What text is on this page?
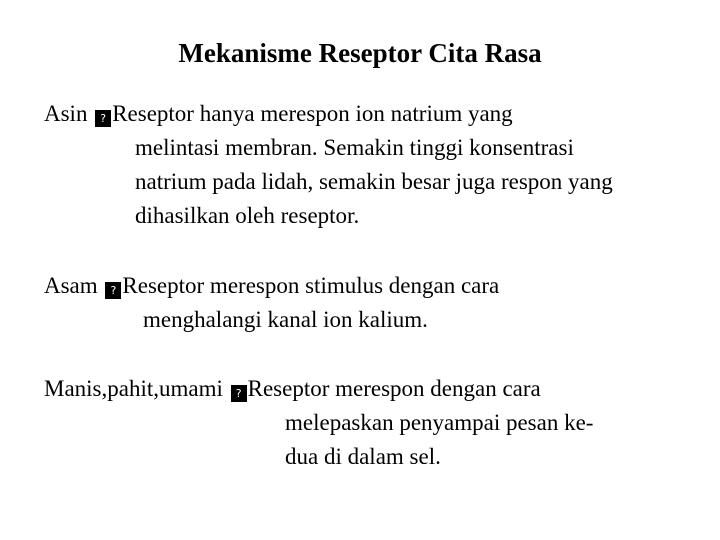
Mekanisme Reseptor Cita Rasa
Asin ? Reseptor hanya merespon ion natrium yang
melintasi membran. Semakin tinggi konsentrasi
natrium pada lidah, semakin besar juga respon yang
dihasilkan oleh reseptor.
Asam ? Reseptor merespon stimulus dengan cara
menghalangi kanal ion kalium.
Manis,pahit,umami ? Reseptor merespon dengan cara
melepaskan penyampai pesan ke-
dua di dalam sel.
